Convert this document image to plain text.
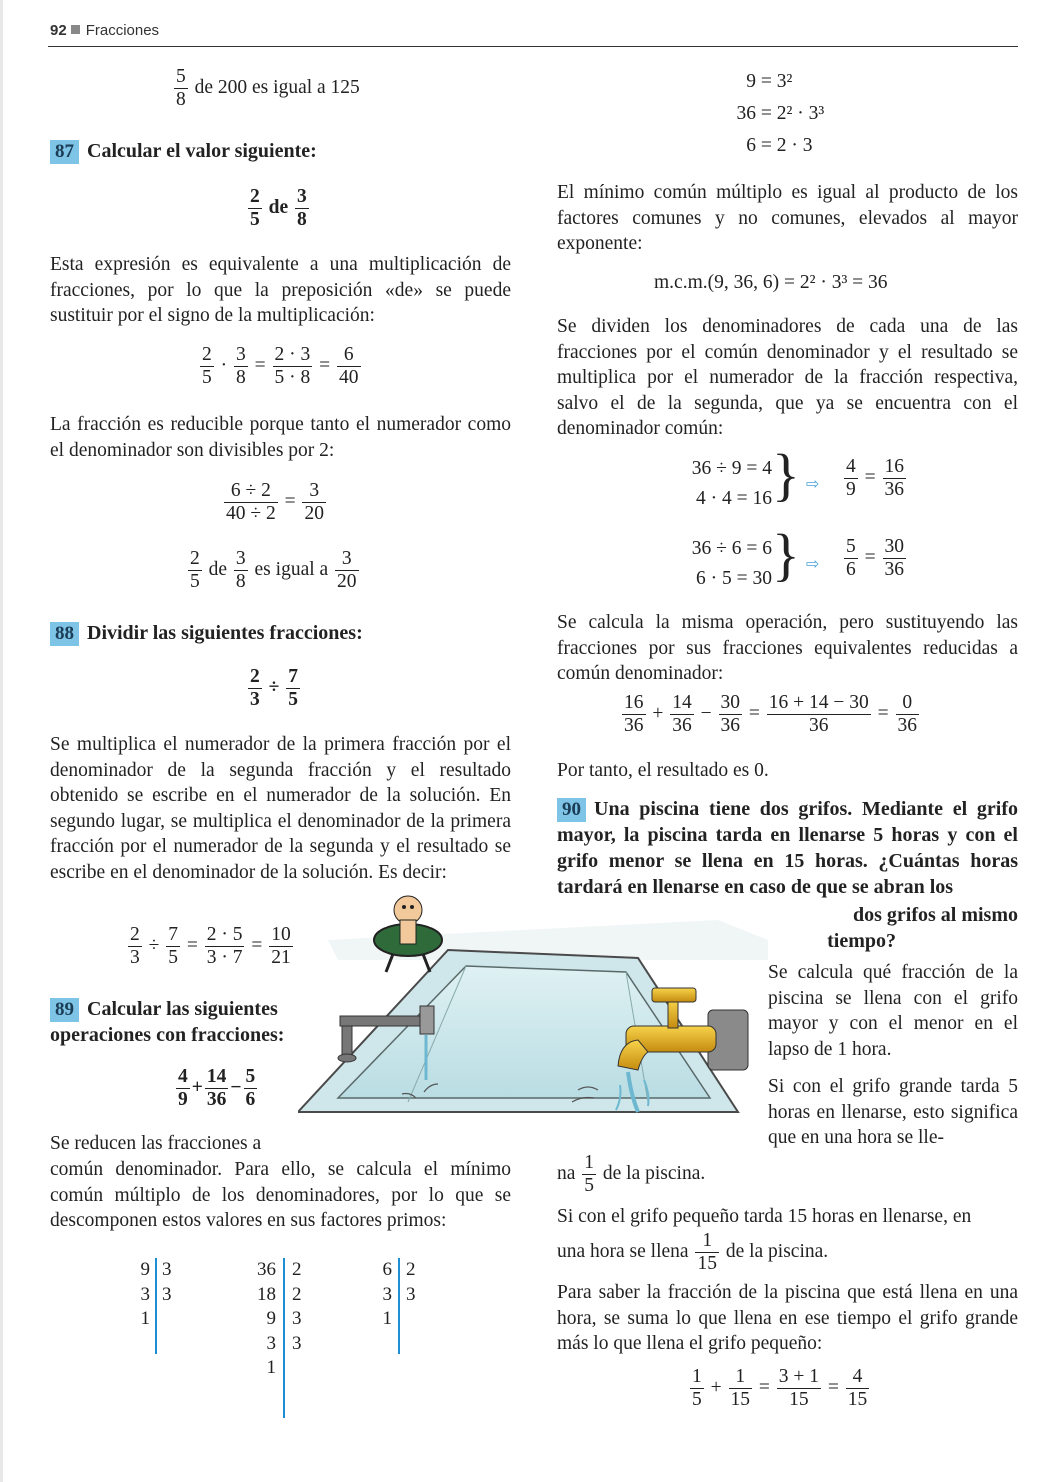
92 Fracciones
$\frac{5}{8}$ de 200 es igual a 125
87 Calcular el valor siguiente:
$\frac{2}{5}$ de $\frac{3}{8}$
Esta expresión es equivalente a una multiplicación de fracciones, por lo que la preposición «de» se puede sustituir por el signo de la multiplicación:
$\frac{2}{5} \cdot \frac{3}{8} = \frac{2 \cdot 3}{5 \cdot 8} = \frac{6}{40}$
La fracción es reducible porque tanto el numerador como el denominador son divisibles por 2:
$\frac{6 \div 2}{40 \div 2} = \frac{3}{20}$
$\frac{2}{5}$ de $\frac{3}{8}$ es igual a $\frac{3}{20}$
88 Dividir las siguientes fracciones:
$\frac{2}{3} \div \frac{7}{5}$
Se multiplica el numerador de la primera fracción por el denominador de la segunda fracción y el resultado obtenido se escribe en el numerador de la solución. En segundo lugar, se multiplica el denominador de la primera fracción por el numerador de la segunda y el resultado se escribe en el denominador de la solución. Es decir:
$\frac{2}{3} \div \frac{7}{5} = \frac{2 \cdot 5}{3 \cdot 7} = \frac{10}{21}$
89 Calcular las siguientes
operaciones con fracciones:
$\frac{4}{9} + \frac{14}{36} - \frac{5}{6}$
Se reducen las fracciones a
común denominador. Para ello, se calcula el mínimo común múltiplo de los denominadores, por lo que se descomponen estos valores en sus factores primos:
9
3
1
3
3
36
18
9
3
1
2
2
3
3
6
3
1
2
3
9 = 3²
36 = 2² · 3³
6 = 2 · 3
El mínimo común múltiplo es igual al producto de los factores comunes y no comunes, elevados al mayor exponente:
m.c.m.(9, 36, 6) = 2² · 3³ = 36
Se dividen los denominadores de cada una de las fracciones por el común denominador y el resultado se multiplica por el numerador de la fracción respectiva, salvo el de la segunda, que ya se encuentra con el denominador común:
36 ÷ 9 = 4
4 · 4 = 16 } ⇨ $\frac{4}{9} = \frac{16}{36}$
36 ÷ 6 = 6
6 · 5 = 30 } ⇨ $\frac{5}{6} = \frac{30}{36}$
Se calcula la misma operación, pero sustituyendo las fracciones por sus fracciones equivalentes reducidas a común denominador:
$\frac{16}{36} + \frac{14}{36} - \frac{30}{36} = \frac{16 + 14 - 30}{36} = \frac{0}{36}$
Por tanto, el resultado es 0.
90 Una piscina tiene dos grifos. Mediante el grifo mayor, la piscina tarda en llenarse 5 horas y con el grifo menor se llena en 15 horas. ¿Cuántas horas tardará en llenarse en caso de que se abran los
dos grifos al mismo
tiempo?
Se calcula qué fracción de la piscina se llena con el grifo mayor y con el menor en el lapso de 1 hora.
Si con el grifo grande tarda 5 horas en llenarse, esto significa que en una hora se lle-
na $\frac{1}{5}$ de la piscina.
Si con el grifo pequeño tarda 15 horas en llenarse, en
una hora se llena $\frac{1}{15}$ de la piscina.
Para saber la fracción de la piscina que está llena en una hora, se suma lo que llena en ese tiempo el grifo grande más lo que llena el grifo pequeño:
$\frac{1}{5} + \frac{1}{15} = \frac{3 + 1}{15} = \frac{4}{15}$
